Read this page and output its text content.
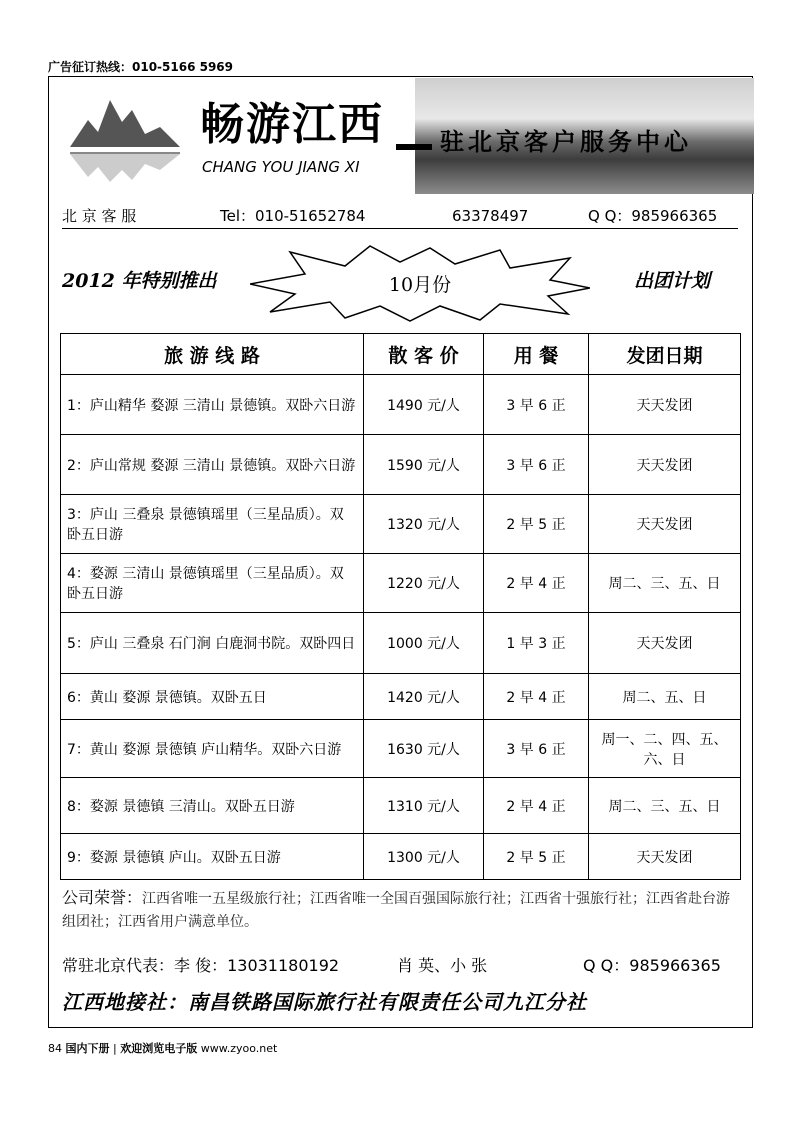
广告征订热线：010-5166 5969
畅游江西
CHANG YOU JIANG XI
驻北京客户服务中心
北 京 客 服	Tel：010-51652784	63378497	Q Q：985966365
2012 年特别推出	10月份	出团计划
旅 游 线 路	散 客 价	用 餐	发团日期
1：庐山精华 婺源 三清山 景德镇。双卧六日游	1490 元/人	3 早 6 正	天天发团
2：庐山常规 婺源 三清山 景德镇。双卧六日游	1590 元/人	3 早 6 正	天天发团
3：庐山 三叠泉 景德镇瑶里（三星品质）。双卧五日游	1320 元/人	2 早 5 正	天天发团
4：婺源 三清山 景德镇瑶里（三星品质）。双卧五日游	1220 元/人	2 早 4 正	周二、三、五、日
5：庐山 三叠泉 石门涧 白鹿洞书院。双卧四日	1000 元/人	1 早 3 正	天天发团
6：黄山 婺源 景德镇。双卧五日	1420 元/人	2 早 4 正	周二、五、日
7：黄山 婺源 景德镇 庐山精华。双卧六日游	1630 元/人	3 早 6 正	周一、二、四、五、六、日
8：婺源 景德镇 三清山。双卧五日游	1310 元/人	2 早 4 正	周二、三、五、日
9：婺源 景德镇 庐山。双卧五日游	1300 元/人	2 早 5 正	天天发团
公司荣誉：江西省唯一五星级旅行社；江西省唯一全国百强国际旅行社；江西省十强旅行社；江西省赴台游组团社；江西省用户满意单位。
常驻北京代表：李 俊：13031180192	肖 英、小 张	Q Q：985966365
江西地接社：南昌铁路国际旅行社有限责任公司九江分社
84 国内下册 | 欢迎浏览电子版 www.zyoo.net
